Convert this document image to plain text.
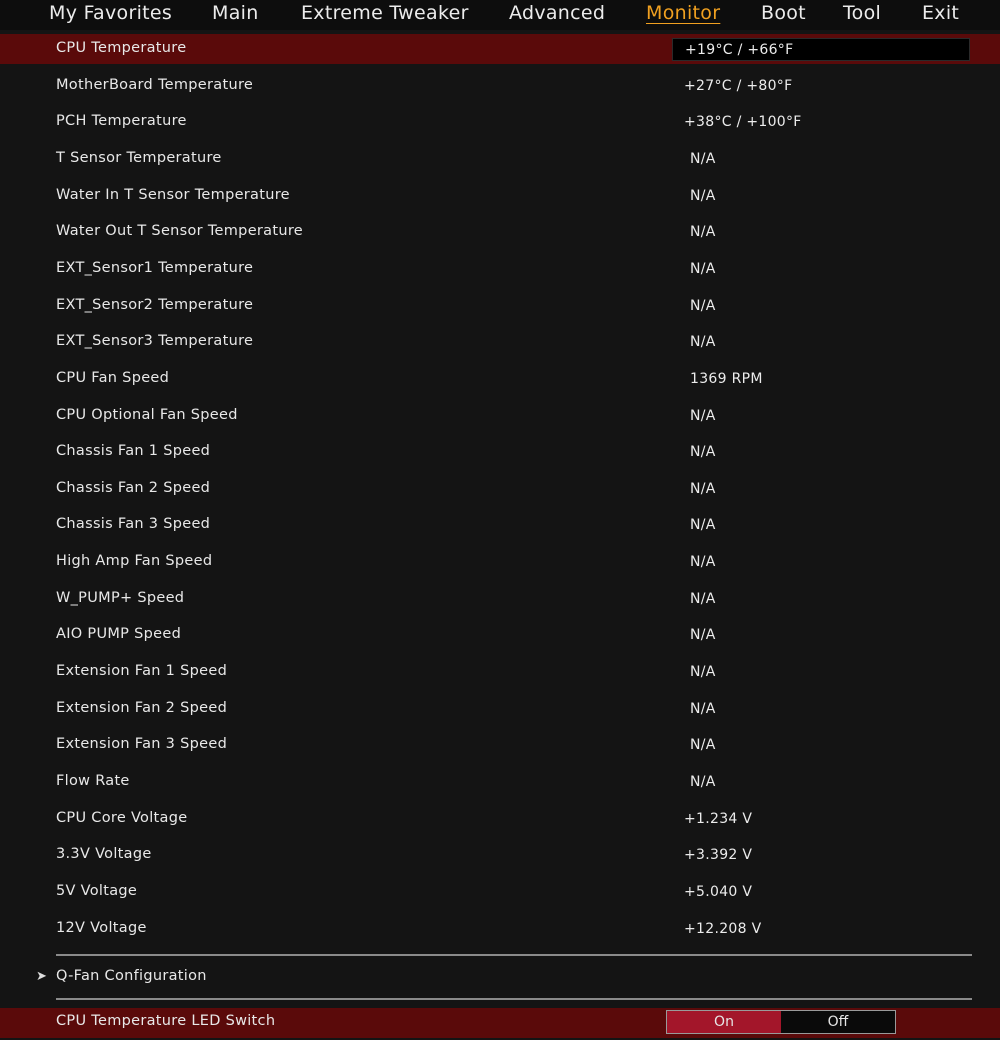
My Favorites Main Extreme Tweaker Advanced Monitor Boot Tool Exit
CPU Temperature	+19°C / +66°F
MotherBoard Temperature	+27°C / +80°F
PCH Temperature	+38°C / +100°F
T Sensor Temperature	N/A
Water In T Sensor Temperature	N/A
Water Out T Sensor Temperature	N/A
EXT_Sensor1 Temperature	N/A
EXT_Sensor2 Temperature	N/A
EXT_Sensor3 Temperature	N/A
CPU Fan Speed	1369 RPM
CPU Optional Fan Speed	N/A
Chassis Fan 1 Speed	N/A
Chassis Fan 2 Speed	N/A
Chassis Fan 3 Speed	N/A
High Amp Fan Speed	N/A
W_PUMP+ Speed	N/A
AIO PUMP Speed	N/A
Extension Fan 1 Speed	N/A
Extension Fan 2 Speed	N/A
Extension Fan 3 Speed	N/A
Flow Rate	N/A
CPU Core Voltage	+1.234 V
3.3V Voltage	+3.392 V
5V Voltage	+5.040 V
12V Voltage	+12.208 V
➤ Q-Fan Configuration
CPU Temperature LED Switch	On	Off
